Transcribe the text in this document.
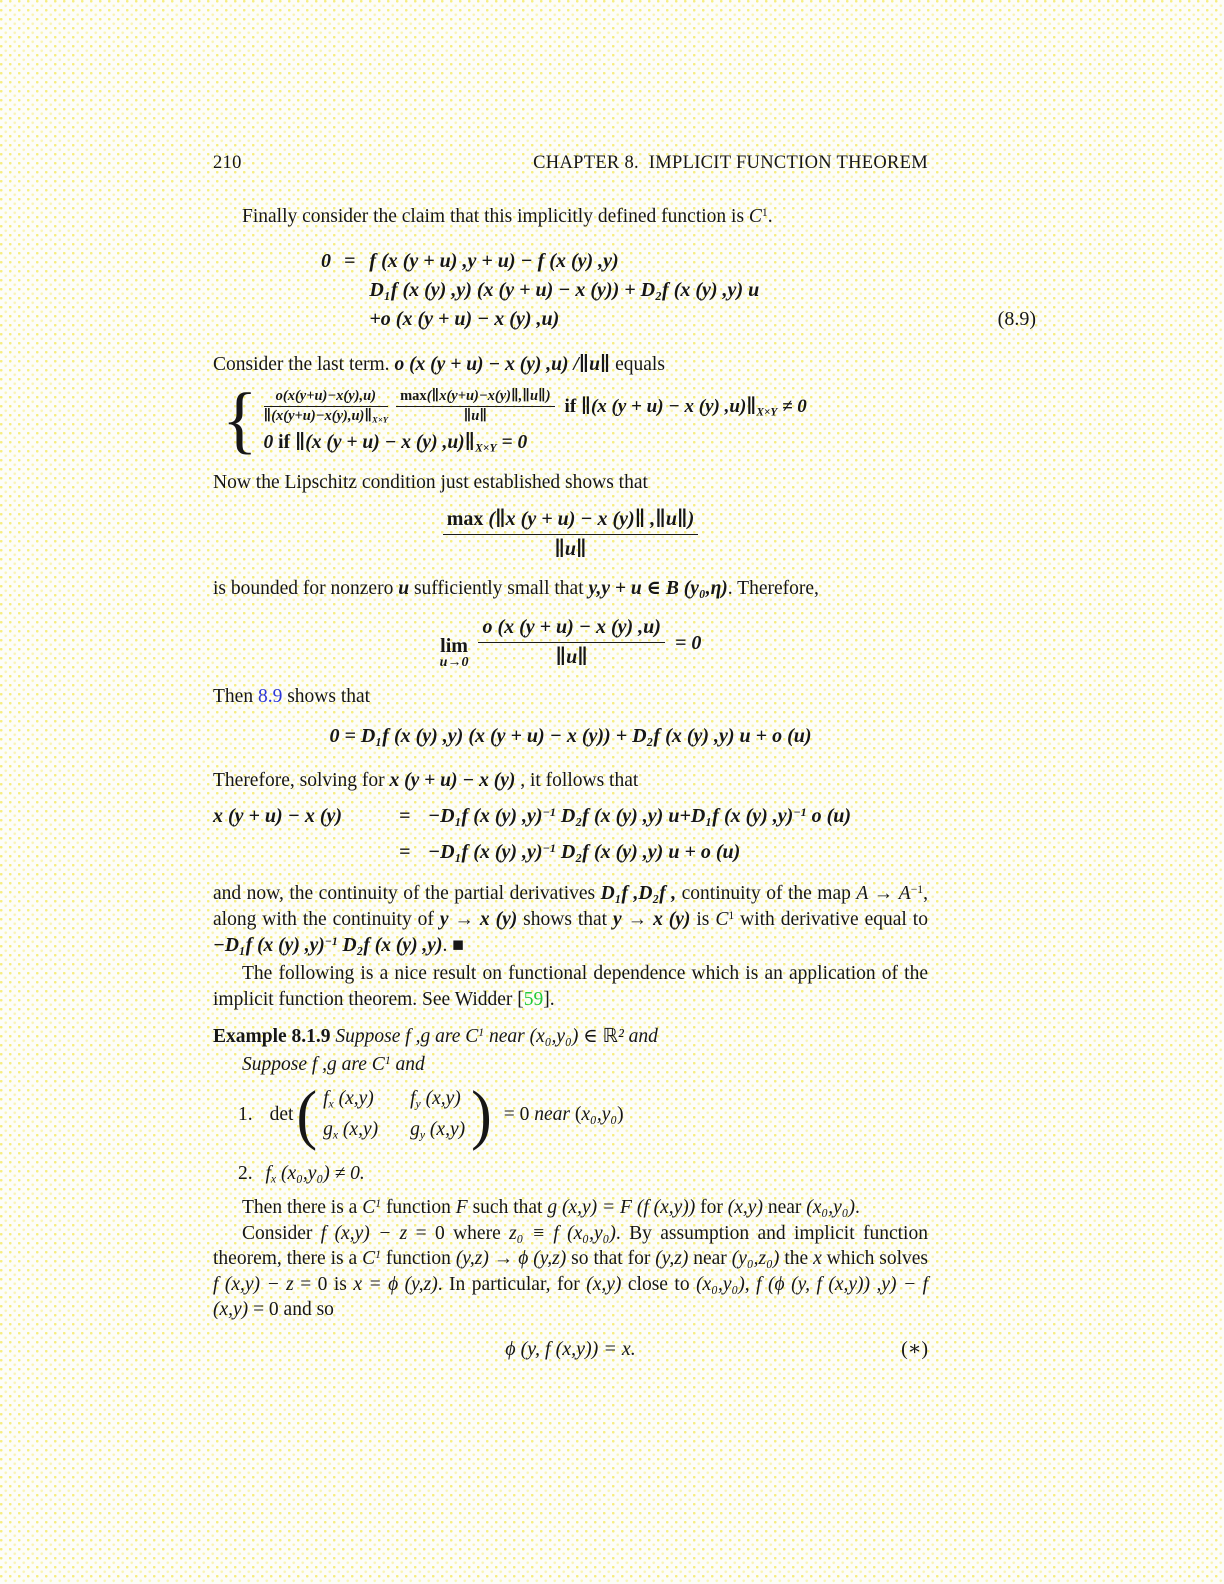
210	CHAPTER 8.  IMPLICIT FUNCTION THEOREM
Finally consider the claim that this implicitly defined function is $C^1$.
0 = f (x (y + u) ,y + u) − f (x (y) ,y)
D₁f (x (y) ,y) (x (y + u) − x (y)) + D₂f (x (y) ,y) u
+o (x (y + u) − x (y) ,u)	(8.9)
Consider the last term. o (x (y + u) − x (y) ,u) /∥u∥ equals
{ $\frac{o(x(y+u)-x(y),u)}{\parallel(x(y+u)-x(y),u)\parallel_{X\times Y}} \frac{\max(\parallel x(y+u)-x(y)\parallel,\parallel u\parallel)}{\parallel u\parallel}$ if ∥(x (y + u) − x (y) $,u)\parallel_{X\times Y} \ne 0$
0 if ∥(x (y + u) − x (y) $,u)\parallel_{X\times Y} = 0$
Now the Lipschitz condition just established shows that
$\frac{\max (\parallel x (y + u) - x (y)\parallel ,\parallel u\parallel)}{\parallel u\parallel}$
is bounded for nonzero u sufficiently small that y,y + u ∈ B (y₀,η). Therefore,
lim
$u\to 0 \frac{o (x (y + u) - x (y) ,u)}{\parallel u\parallel} = 0$
Then 8.9 shows that
0 = D₁f (x (y) ,y) (x (y + u) − x (y)) + D₂f (x (y) ,y) u + o (u)
Therefore, solving for x (y + u) − x (y) , it follows that
x (y + u) − x (y)	= −D₁f (x (y) ,y)$^{-1}$ D₂f (x (y) ,y) u+D₁f (x (y) ,y)$^{-1}$ o (u)
= −D₁f (x (y) ,y)$^{-1}$ D₂f (x (y) ,y) u + o (u)
and now, the continuity of the partial derivatives D₁f ,D₂f , continuity of the map $A \to A^{-1}$, along with the continuity of y → x (y) shows that y → x (y) is $C^1$ with derivative equal to −D₁f (x (y) ,y)$^{-1}$ D₂f (x (y) ,y). ■
The following is a nice result on functional dependence which is an application of the implicit function theorem. See Widder [59].
Example 8.1.9 Suppose f ,g are $C^1$ near (x₀,y₀) ∈ ℝ² and
Suppose f ,g are $C^1$ and
1. det ( $f_x$ (x,y) $f_y$ (x,y)
$g_x$ (x,y) $g_y$ (x,y) ) = 0 near (x₀,y₀)
2. $f_x$ (x₀,y₀) ≠ 0.
Then there is a $C^1$ function F such that g (x,y) = F (f (x,y)) for (x,y) near (x₀,y₀).
Consider f (x,y) − z = 0 where z₀ ≡ f (x₀,y₀). By assumption and implicit function theorem, there is a $C^1$ function (y,z) → ϕ (y,z) so that for (y,z) near (y₀,z₀) the x which solves f (x,y) − z = 0 is x = ϕ (y,z). In particular, for (x,y) close to (x₀,y₀), f (ϕ (y, f (x,y)) ,y) − f (x,y) = 0 and so
ϕ (y, f (x,y)) = x.	(∗)
